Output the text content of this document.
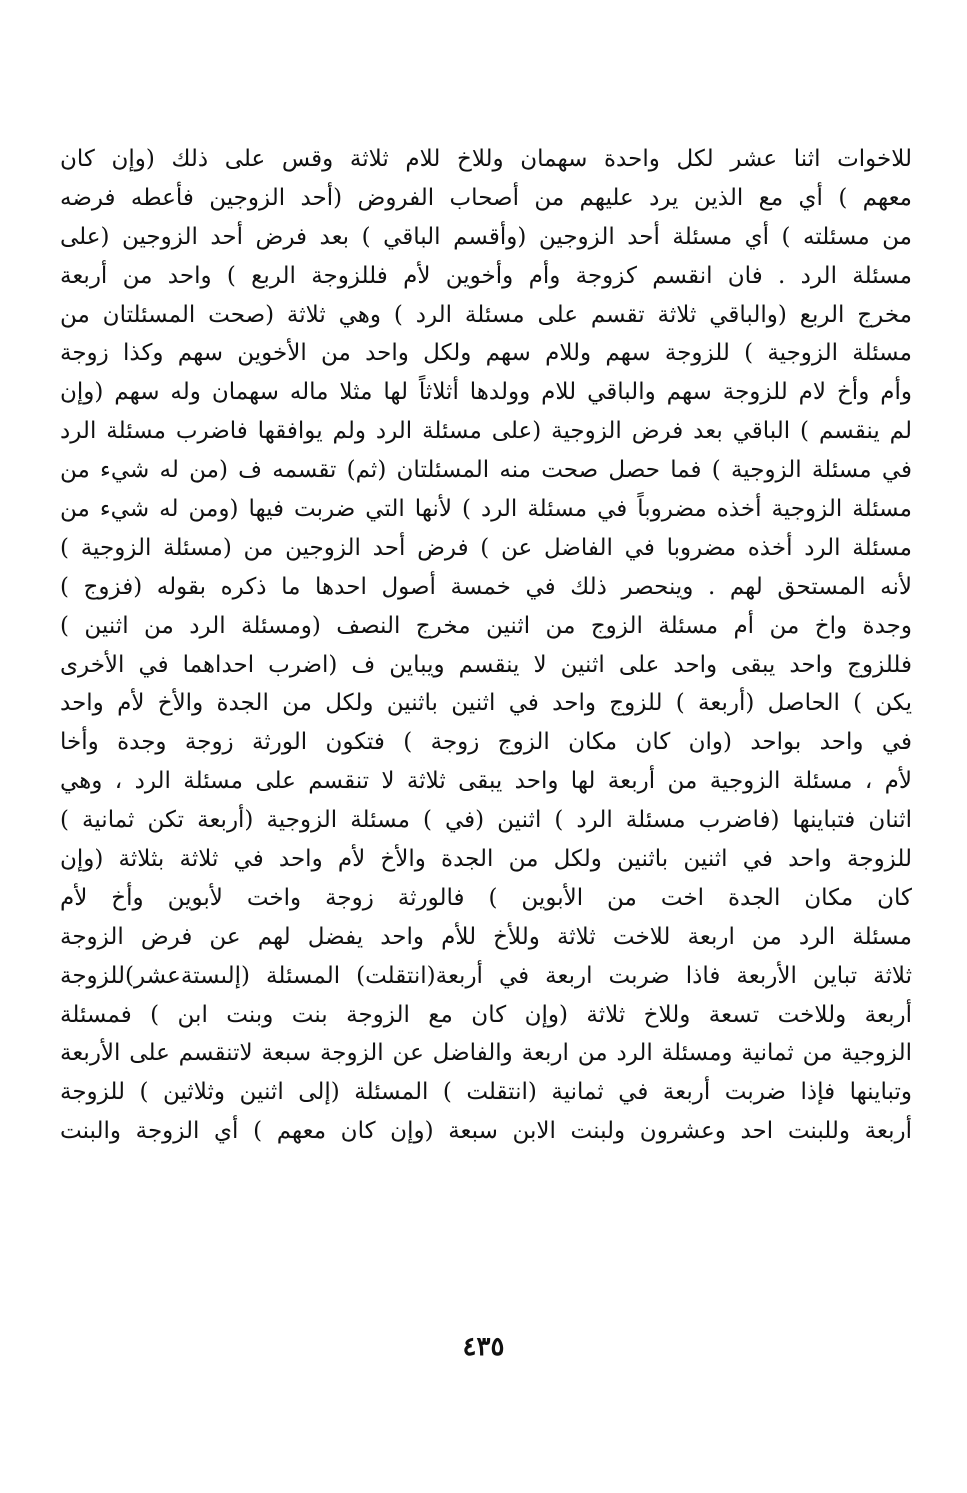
للاخوات اثنا عشر لكل واحدة سهمان وللاخ للام ثلاثة وقس على ذلك (وإن كان
معهم ) أي مع الذين يرد عليهم من أصحاب الفروض (أحد الزوجين فأعطه فرضه
من مسئلته ) أي مسئلة أحد الزوجين (وأقسم الباقي ) بعد فرض أحد الزوجين (على
مسئلة الرد . فان انقسم كزوجة وأم وأخوين لأم فللزوجة الربع ) واحد من أربعة
مخرج الربع (والباقي ثلاثة تقسم على مسئلة الرد ) وهي ثلاثة (صحت المسئلتان من
مسئلة الزوجية ) للزوجة سهم وللام سهم ولكل واحد من الأخوين سهم وكذا زوجة
وأم وأخ لام للزوجة سهم والباقي للام وولدها أثلاثاً لها مثلا ماله سهمان وله سهم (وإن
لم ينقسم ) الباقي بعد فرض الزوجية (على مسئلة الرد ولم يوافقها فاضرب مسئلة الرد
في مسئلة الزوجية ) فما حصل صحت منه المسئلتان (ثم) تقسمه ف (من له شيء من
مسئلة الزوجية أخذه مضروباً في مسئلة الرد ) لأنها التي ضربت فيها (ومن له شيء من
مسئلة الرد أخذه مضروبا في الفاضل عن ) فرض أحد الزوجين من (مسئلة الزوجية )
لأنه المستحق لهم . وينحصر ذلك في خمسة أصول احدها ما ذكره بقوله (فزوج )
وجدة واخ من أم مسئلة الزوج من اثنين مخرج النصف (ومسئلة الرد من اثنين )
فللزوج واحد يبقى واحد على اثنين لا ينقسم ويباين ف (اضرب احداهما في الأخرى
يكن ) الحاصل (أربعة ) للزوج واحد في اثنين باثنين ولكل من الجدة والأخ لأم واحد
في واحد بواحد (وان كان مكان الزوج زوجة ) فتكون الورثة زوجة وجدة وأخا
لأم ، مسئلة الزوجية من أربعة لها واحد يبقى ثلاثة لا تنقسم على مسئلة الرد ، وهي
اثنان فتباينها (فاضرب مسئلة الرد ) اثنين (في ) مسئلة الزوجية (أربعة تكن ثمانية )
للزوجة واحد في اثنين باثنين ولكل من الجدة والأخ لأم واحد في ثلاثة بثلاثة (وإن
كان مكان الجدة اخت من الأبوين ) فالورثة زوجة واخت لأبوين وأخ لأم
مسئلة الرد من اربعة للاخت ثلاثة وللأخ للأم واحد يفضل لهم عن فرض الزوجة
ثلاثة تباين الأربعة فاذا ضربت اربعة في أربعة(انتقلت) المسئلة (إلىستةعشر)للزوجة
أربعة وللاخت تسعة وللاخ ثلاثة (وإن كان مع الزوجة بنت وبنت ابن ) فمسئلة
الزوجية من ثمانية ومسئلة الرد من اربعة والفاضل عن الزوجة سبعة لاتنقسم على الأربعة
وتباينها فإذا ضربت أربعة في ثمانية (انتقلت ) المسئلة (إلى اثنين وثلاثين ) للزوجة
أربعة وللبنت احد وعشرون ولبنت الابن سبعة (وإن كان معهم ) أي الزوجة والبنت
٤٣٥
